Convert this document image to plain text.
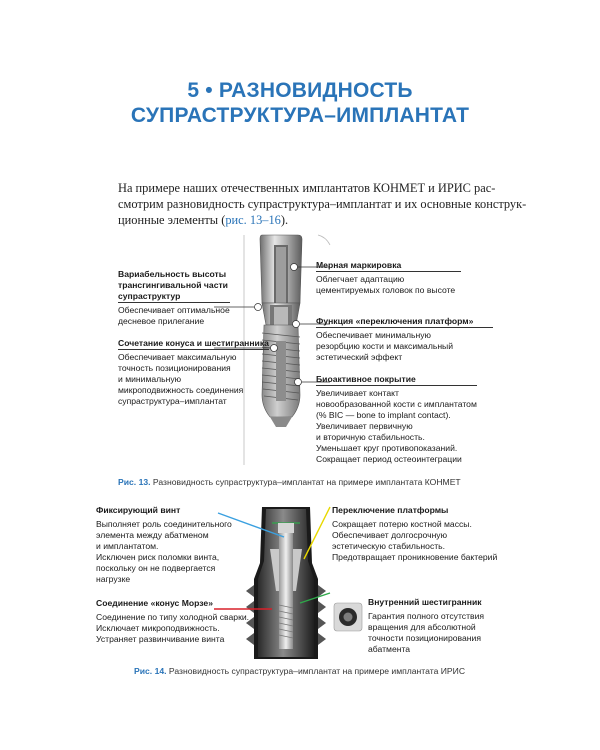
5 • РАЗНОВИДНОСТЬ
СУПРАСТРУКТУРА–ИМПЛАНТАТ
На примере наших отечественных имплантатов КОНМЕТ и ИРИС рас-
смотрим разновидность супраструктура–имплантат и их основные конструк-
ционные элементы (рис. 13–16).
Вариабельность высоты
трансгингивальной части
супраструктур
Обеспечивает оптимальное
десневое прилегание
Сочетание конуса и шестигранника
Обеспечивает максимальную
точность позиционирования
и минимальную
микроподвижность соединения
супраструктура–имплантат
Мерная маркировка
Облегчает адаптацию
цементируемых головок по высоте
Функция «переключения платформ»
Обеспечивает минимальную
резорбцию кости и максимальный
эстетический эффект
Биоактивное покрытие
Увеличивает контакт
новообразованной кости с имплантатом
(% BIC — bone to implant contact).
Увеличивает первичную
и вторичную стабильность.
Уменьшает круг противопоказаний.
Сокращает период остеоинтеграции
Рис. 13. Разновидность супраструктура–имплантат на примере имплантата КОНМЕТ
Фиксирующий винт
Выполняет роль соединительного
элемента между абатменом
и имплантатом.
Исключен риск поломки винта,
поскольку он не подвергается
нагрузке
Соединение «конус Морзе»
Соединение по типу холодной сварки.
Исключает микроподвижность.
Устраняет развинчивание винта
Переключение платформы
Сокращает потерю костной массы.
Обеспечивает долгосрочную
эстетическую стабильность.
Предотвращает проникновение бактерий
Внутренний шестигранник
Гарантия полного отсутствия
вращения для абсолютной
точности позиционирования
абатмента
Рис. 14. Разновидность супраструктура–имплантат на примере имплантата ИРИС
